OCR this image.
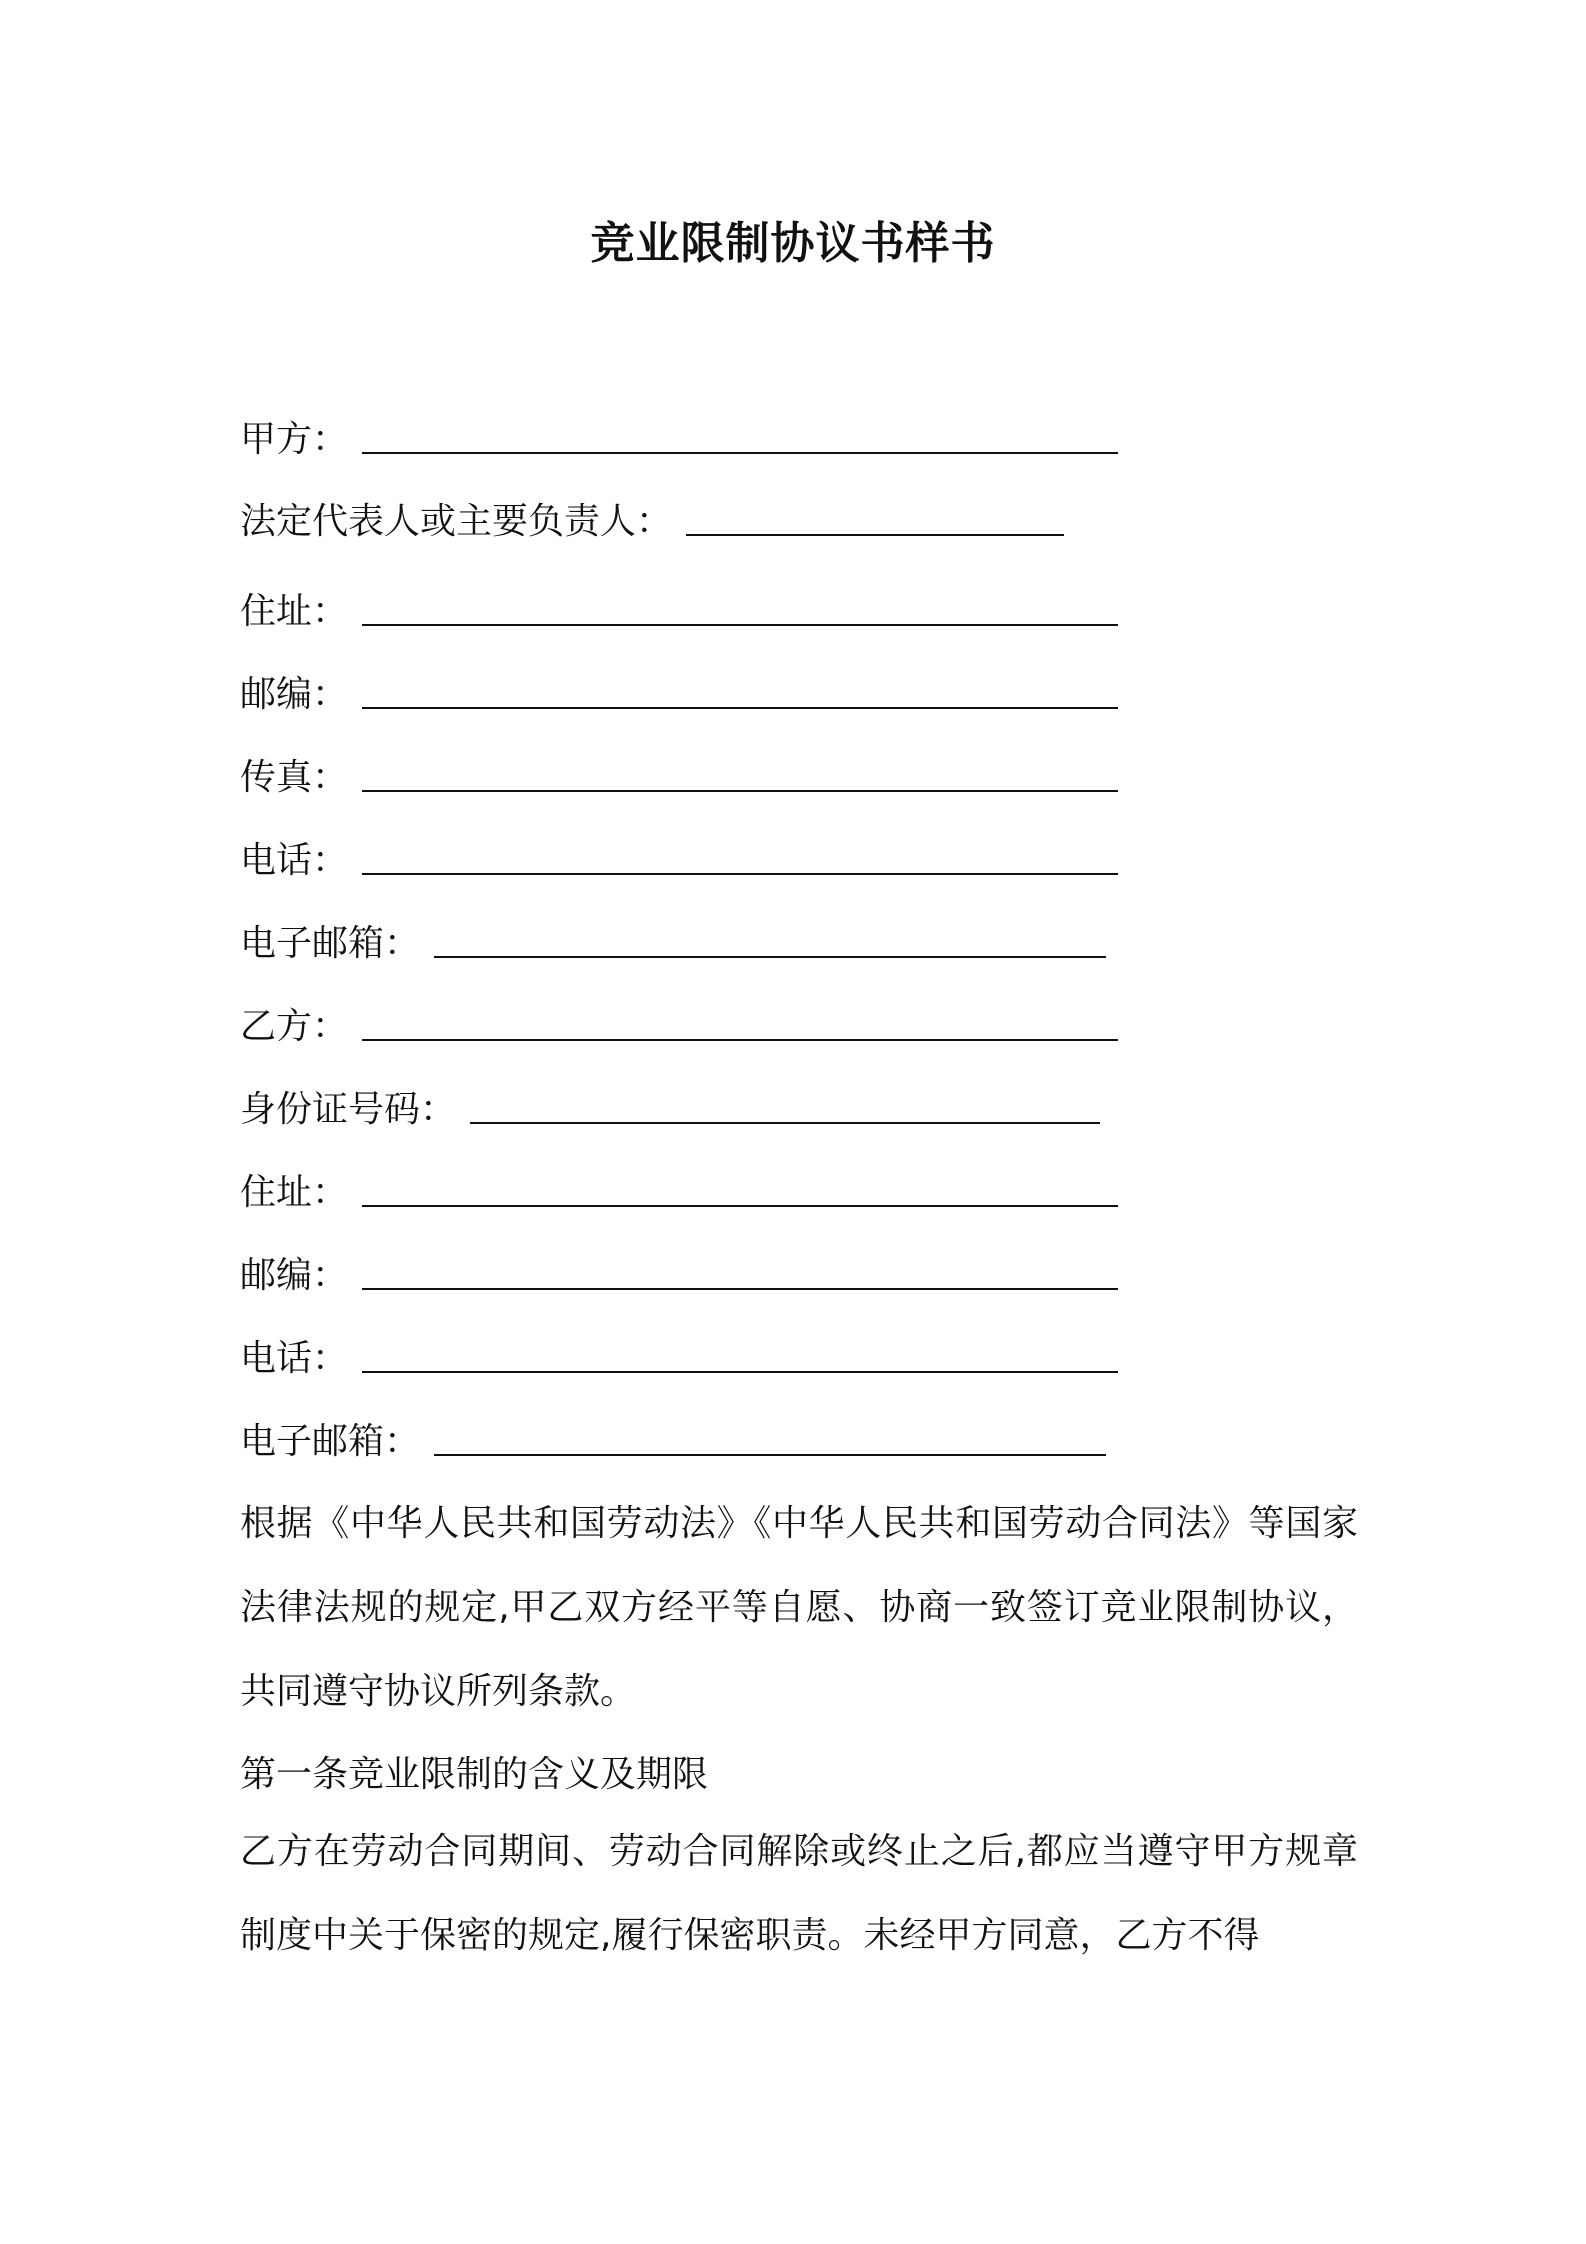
竞业限制协议书样书
甲方：
法定代表人或主要负责人：
住址：
邮编：
传真：
电话：
电子邮箱：
乙方：
身份证号码：
住址：
邮编：
电话：
电子邮箱：
根据《中华人民共和国劳动法》《中华人民共和国劳动合同法》等国家法律法规的规定,甲乙双方经平等自愿、协商一致签订竞业限制协议，共同遵守协议所列条款。
第一条竞业限制的含义及期限
乙方在劳动合同期间、劳动合同解除或终止之后,都应当遵守甲方规章制度中关于保密的规定,履行保密职责。未经甲方同意，乙方不得
